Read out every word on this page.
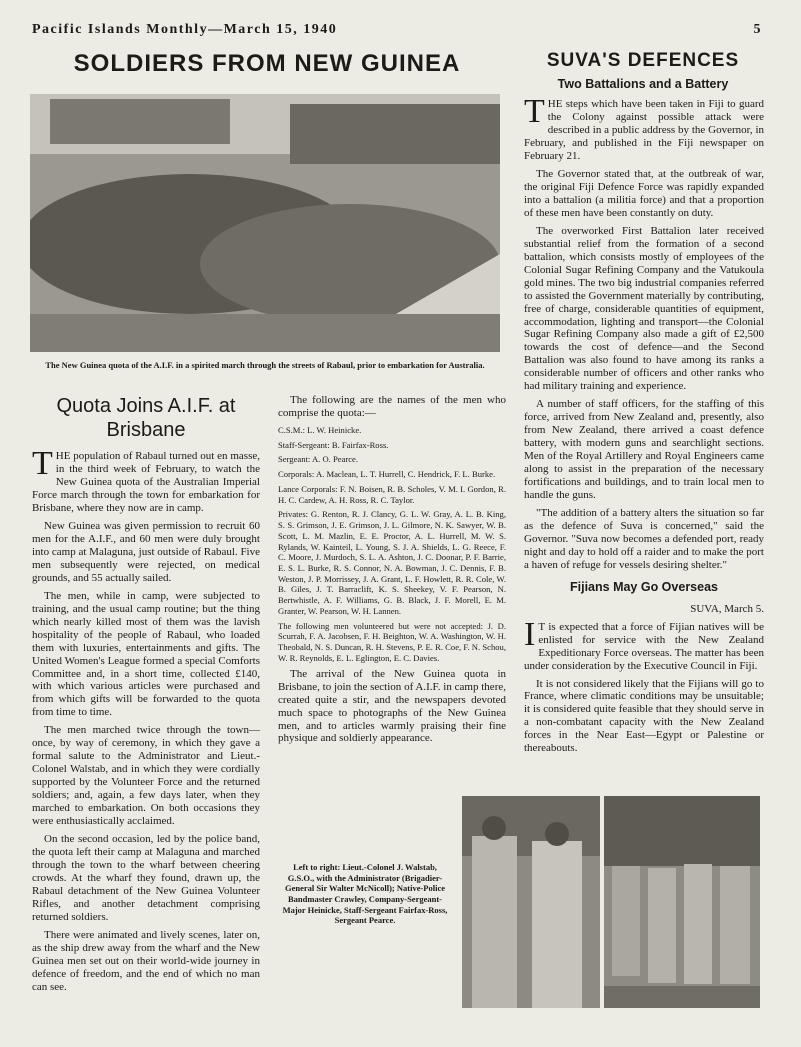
Pacific Islands Monthly—March 15, 1940	5
SOLDIERS FROM NEW GUINEA
The New Guinea quota of the A.I.F. in a spirited march through the streets of Rabaul, prior to embarkation for Australia.
Quota Joins A.I.F. at Brisbane

THE population of Rabaul turned out en masse, in the third week of February, to watch the New Guinea quota of the Australian Imperial Force march through the town for embarkation for Brisbane, where they now are in camp.

New Guinea was given permission to recruit 60 men for the A.I.F., and 60 men were duly brought into camp at Malaguna, just outside of Rabaul. Five men subsequently were rejected, on medical grounds, and 55 actually sailed.

The men, while in camp, were subjected to training, and the usual camp routine; but the thing which nearly killed most of them was the lavish hospitality of the people of Rabaul, who loaded them with luxuries, entertainments and gifts. The United Women's League formed a special Comforts Committee and, in a short time, collected £140, with which various articles were purchased and from which gifts will be forwarded to the quota from time to time.

The men marched twice through the town—once, by way of ceremony, in which they gave a formal salute to the Administrator and Lieut.-Colonel Walstab, and in which they were cordially supported by the Volunteer Force and the returned soldiers; and, again, a few days later, when they marched to embarkation. On both occasions they were enthusiastically acclaimed.

On the second occasion, led by the police band, the quota left their camp at Malaguna and marched through the town to the wharf between cheering crowds. At the wharf they found, drawn up, the Rabaul detachment of the New Guinea Volunteer Rifles, and another detachment comprising returned soldiers.

There were animated and lively scenes, later on, as the ship drew away from the wharf and the New Guinea men set out on their world-wide journey in defence of freedom, and the end of which no man can see.

The following are the names of the men who comprise the quota:—

C.S.M.: L. W. Heinicke.

Staff-Sergeant: B. Fairfax-Ross.

Sergeant: A. O. Pearce.

Corporals: A. Maclean, L. T. Hurrell, C. Hendrick, F. L. Burke.

Lance Corporals: F. N. Boisen, R. B. Scholes, V. M. I. Gordon, R. H. C. Cardew, A. H. Ross, R. C. Taylor.

Privates: G. Renton, R. J. Clancy, G. L. W. Gray, A. L. B. King, S. S. Grimson, J. E. Grimson, J. L. Gilmore, N. K. Sawyer, W. B. Scott, L. M. Mazlin, E. E. Proctor, A. L. Hurrell, M. W. S. Rylands, W. Kainteil, L. Young, S. J. A. Shields, L. G. Reece, F. C. Moore, J. Murdoch, S. L. A. Ashton, J. C. Doonar, P. F. Barrie, E. S. L. Burke, R. S. Connor, N. A. Bowman, J. C. Dennis, F. B. Weston, J. P. Morrissey, J. A. Grant, L. F. Howlett, R. R. Cole, W. B. Giles, J. T. Barraclift, K. S. Sheekey, V. F. Pearson, N. Bertwhistle, A. F. Williams, G. B. Black, J. F. Morell, E. M. Granter, W. Pearson, W. H. Lannen.

The following men volunteered but were not accepted: J. D. Scurrah, F. A. Jacobsen, F. H. Beighton, W. A. Washington, W. H. Theobald, N. S. Duncan, R. H. Stevens, P. E. R. Coe, F. N. Schou, W. R. Reynolds, E. L. Eglington, E. C. Davies.

The arrival of the New Guinea quota in Brisbane, to join the section of A.I.F. in camp there, created quite a stir, and the newspapers devoted much space to photographs of the New Guinea men, and to articles warmly praising their fine physique and soldierly appearance.

SUVA'S DEFENCES
Two Battalions and a Battery

THE steps which have been taken in Fiji to guard the Colony against possible attack were described in a public address by the Governor, in February, and published in the Fiji newspaper on February 21.

The Governor stated that, at the outbreak of war, the original Fiji Defence Force was rapidly expanded into a battalion (a militia force) and that a proportion of these men have been constantly on duty.

The overworked First Battalion later received substantial relief from the formation of a second battalion, which consists mostly of employees of the Colonial Sugar Refining Company and the Vatukoula gold mines. The two big industrial companies referred to assisted the Government materially by contributing, free of charge, considerable quantities of equipment, accommodation, lighting and transport—the Colonial Sugar Refining Company also made a gift of £2,500 towards the cost of defence—and the Second Battalion was also found to have among its ranks a considerable number of officers and other ranks who had military training and experience.

A number of staff officers, for the staffing of this force, arrived from New Zealand and, presently, also from New Zealand, there arrived a coast defence battery, with modern guns and searchlight sections. Men of the Royal Artillery and Royal Engineers came along to assist in the preparation of the necessary fortifications and buildings, and to train local men to handle the guns.

"The addition of a battery alters the situation so far as the defence of Suva is concerned," said the Governor. "Suva now becomes a defended port, ready night and day to hold off a raider and to make the port a haven of refuge for vessels desiring shelter."

Fijians May Go Overseas

SUVA, March 5.

IT is expected that a force of Fijian natives will be enlisted for service with the New Zealand Expeditionary Force overseas. The matter has been under consideration by the Executive Council in Fiji.

It is not considered likely that the Fijians will go to France, where climatic conditions may be unsuitable; it is considered quite feasible that they should serve in a non-combatant capacity with the New Zealand forces in the Near East—Egypt or Palestine or thereabouts.

Left to right: Lieut.-Colonel J. Walstab, G.S.O., with the Administrator (Brigadier-General Sir Walter McNicoll); Native-Police Bandmaster Crawley, Company-Sergeant-Major Heinicke, Staff-Sergeant Fairfax-Ross, Sergeant Pearce.
